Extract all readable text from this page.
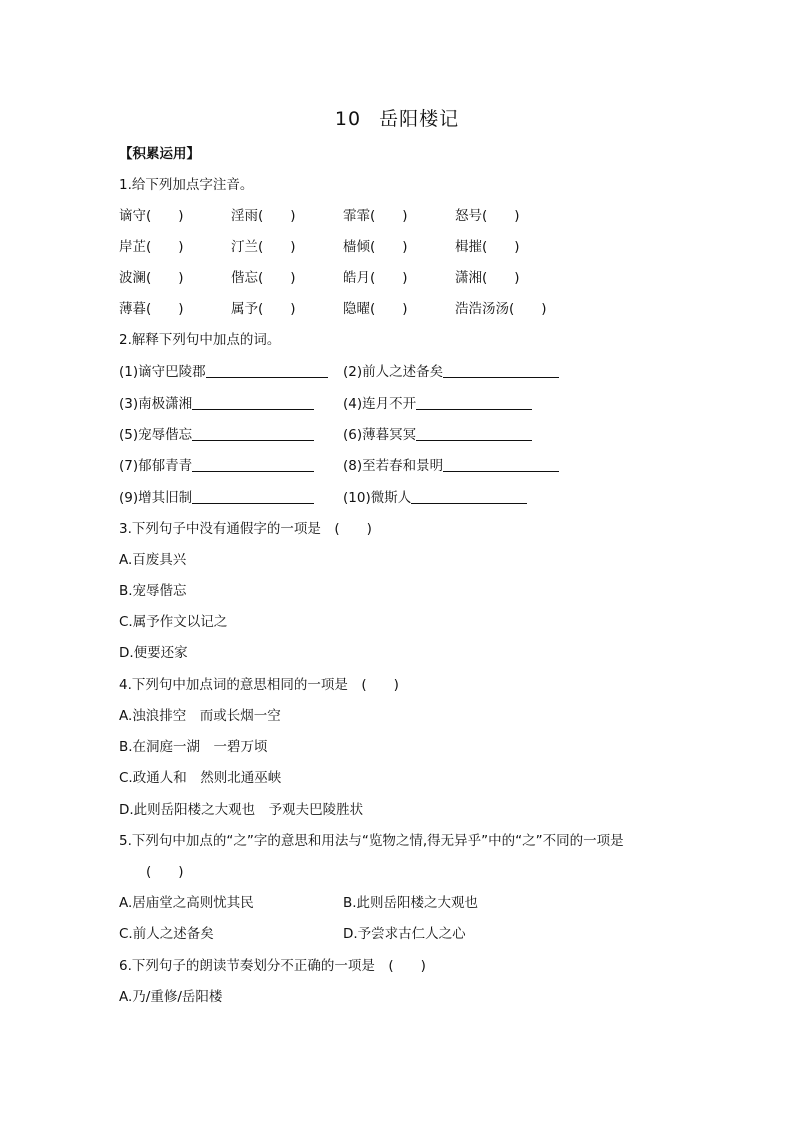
10 岳阳楼记
【积累运用】
1.给下列加点字注音。
谪守(　　)	淫雨(　　)	霏霏(　　)	怒号(　　)
岸芷(　　)	汀兰(　　)	樯倾(　　)	楫摧(　　)
波澜(　　)	偕忘(　　)	皓月(　　)	潇湘(　　)
薄暮(　　)	属予(　　)	隐曜(　　)	浩浩汤汤(　　)
2.解释下列句中加点的词。
(1)谪守巴陵郡	(2)前人之述备矣
(3)南极潇湘	(4)连月不开
(5)宠辱偕忘	(6)薄暮冥冥
(7)郁郁青青	(8)至若春和景明
(9)增其旧制	(10)微斯人
3.下列句子中没有通假字的一项是　(　　)
A.百废具兴
B.宠辱偕忘
C.属予作文以记之
D.便要还家
4.下列句中加点词的意思相同的一项是　(　　)
A.浊浪排空　而或长烟一空
B.在洞庭一湖　一碧万顷
C.政通人和　然则北通巫峡
D.此则岳阳楼之大观也　予观夫巴陵胜状
5.下列句中加点的“之”字的意思和用法与“览物之情,得无异乎”中的“之”不同的一项是
(　　)
A.居庙堂之高则忧其民	B.此则岳阳楼之大观也
C.前人之述备矣	D.予尝求古仁人之心
6.下列句子的朗读节奏划分不正确的一项是　(　　)
A.乃/重修/岳阳楼
